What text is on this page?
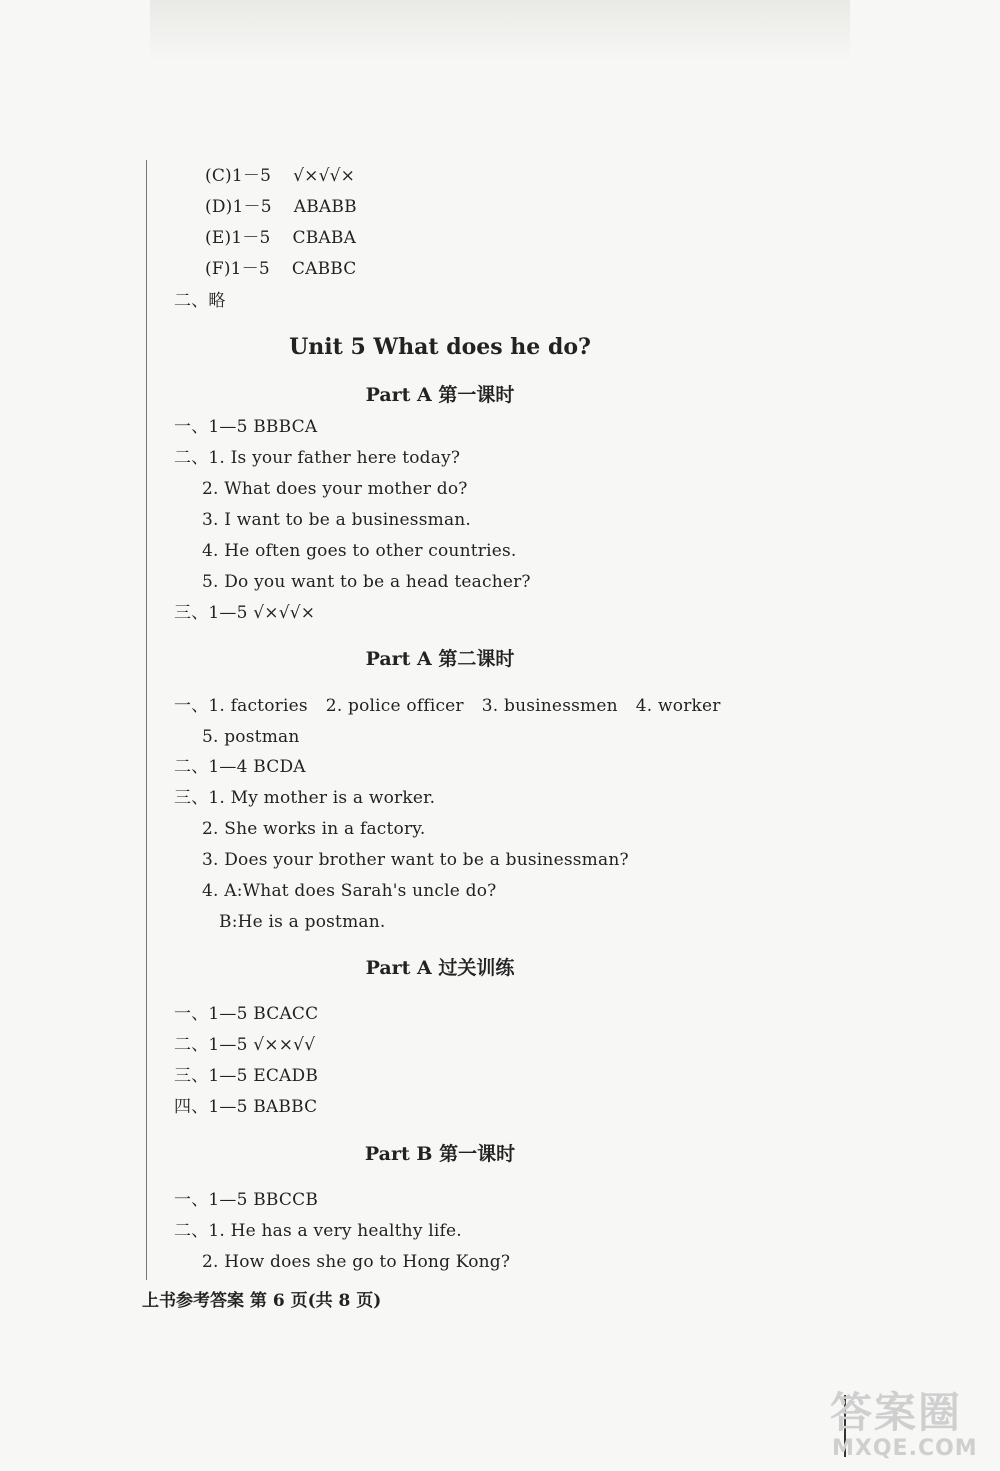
(C)1－5 √×√√×
(D)1－5 ABABB
(E)1－5 CBABA
(F)1－5 CABBC
二、略
Unit 5 What does he do?
Part A 第一课时
一、1—5 BBBCA
二、1. Is your father here today?
2. What does your mother do?
3. I want to be a businessman.
4. He often goes to other countries.
5. Do you want to be a head teacher?
三、1—5 √×√√×
Part A 第二课时
一、1. factories 2. police officer 3. businessmen 4. worker
5. postman
二、1—4 BCDA
三、1. My mother is a worker.
2. She works in a factory.
3. Does your brother want to be a businessman?
4. A:What does Sarah's uncle do?
B:He is a postman.
Part A 过关训练
一、1—5 BCACC
二、1—5 √××√√
三、1—5 ECADB
四、1—5 BABBC
Part B 第一课时
一、1—5 BBCCB
二、1. He has a very healthy life.
2. How does she go to Hong Kong?
上书参考答案 第 6 页(共 8 页)
答案圈
MXQE.COM
